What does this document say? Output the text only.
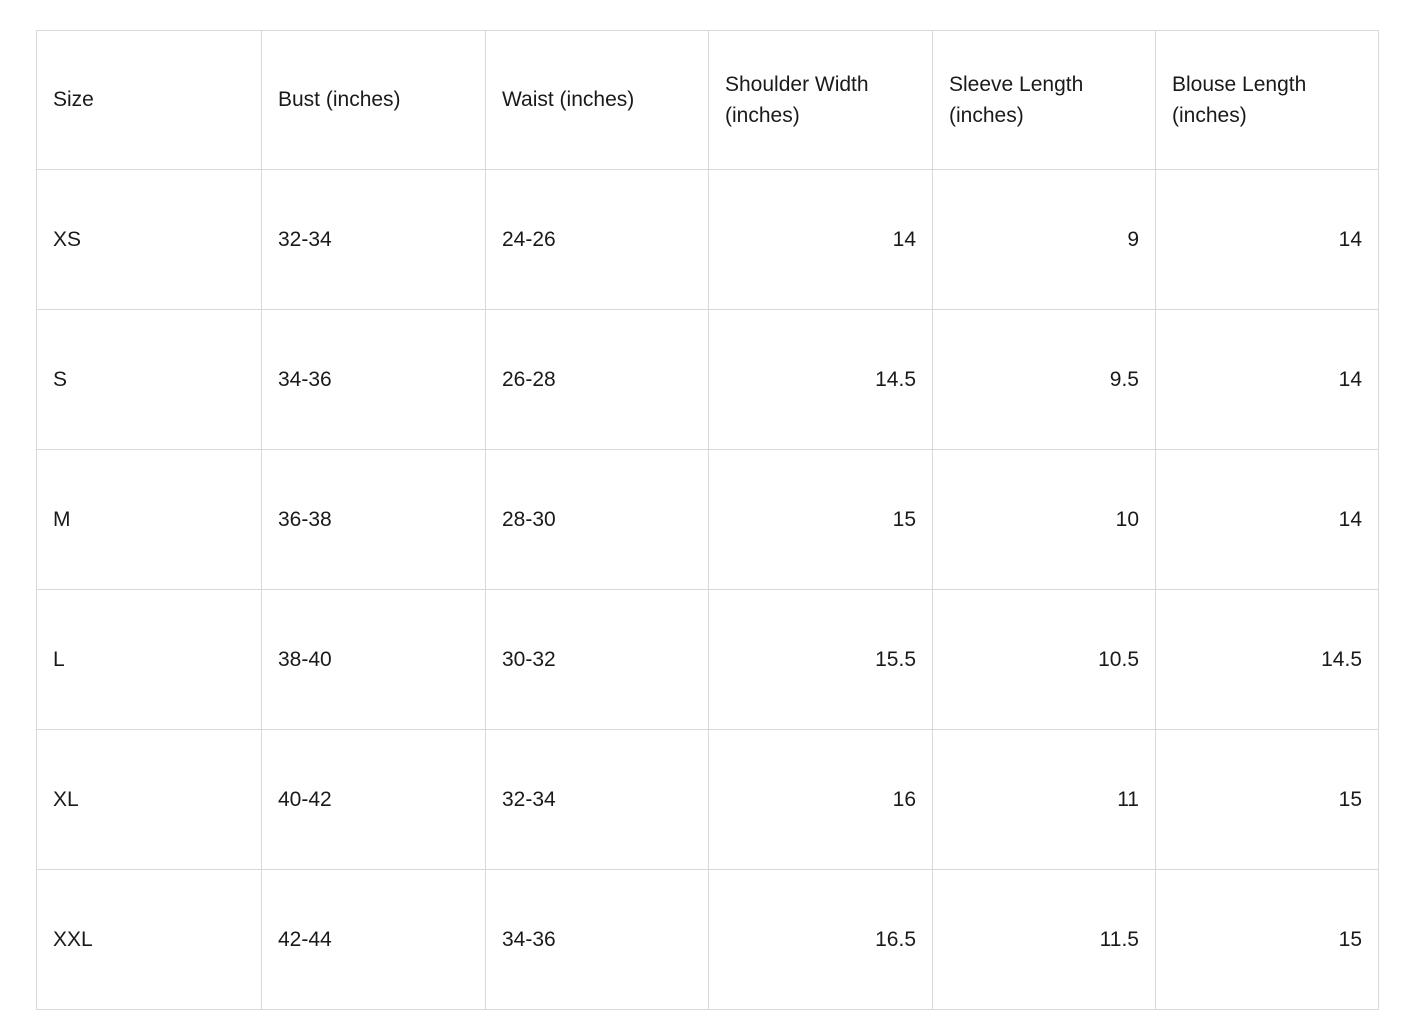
Size	Bust (inches)	Waist (inches)	Shoulder Width (inches)	Sleeve Length (inches)	Blouse Length (inches)
XS	32-34	24-26	14	9	14
S	34-36	26-28	14.5	9.5	14
M	36-38	28-30	15	10	14
L	38-40	30-32	15.5	10.5	14.5
XL	40-42	32-34	16	11	15
XXL	42-44	34-36	16.5	11.5	15
